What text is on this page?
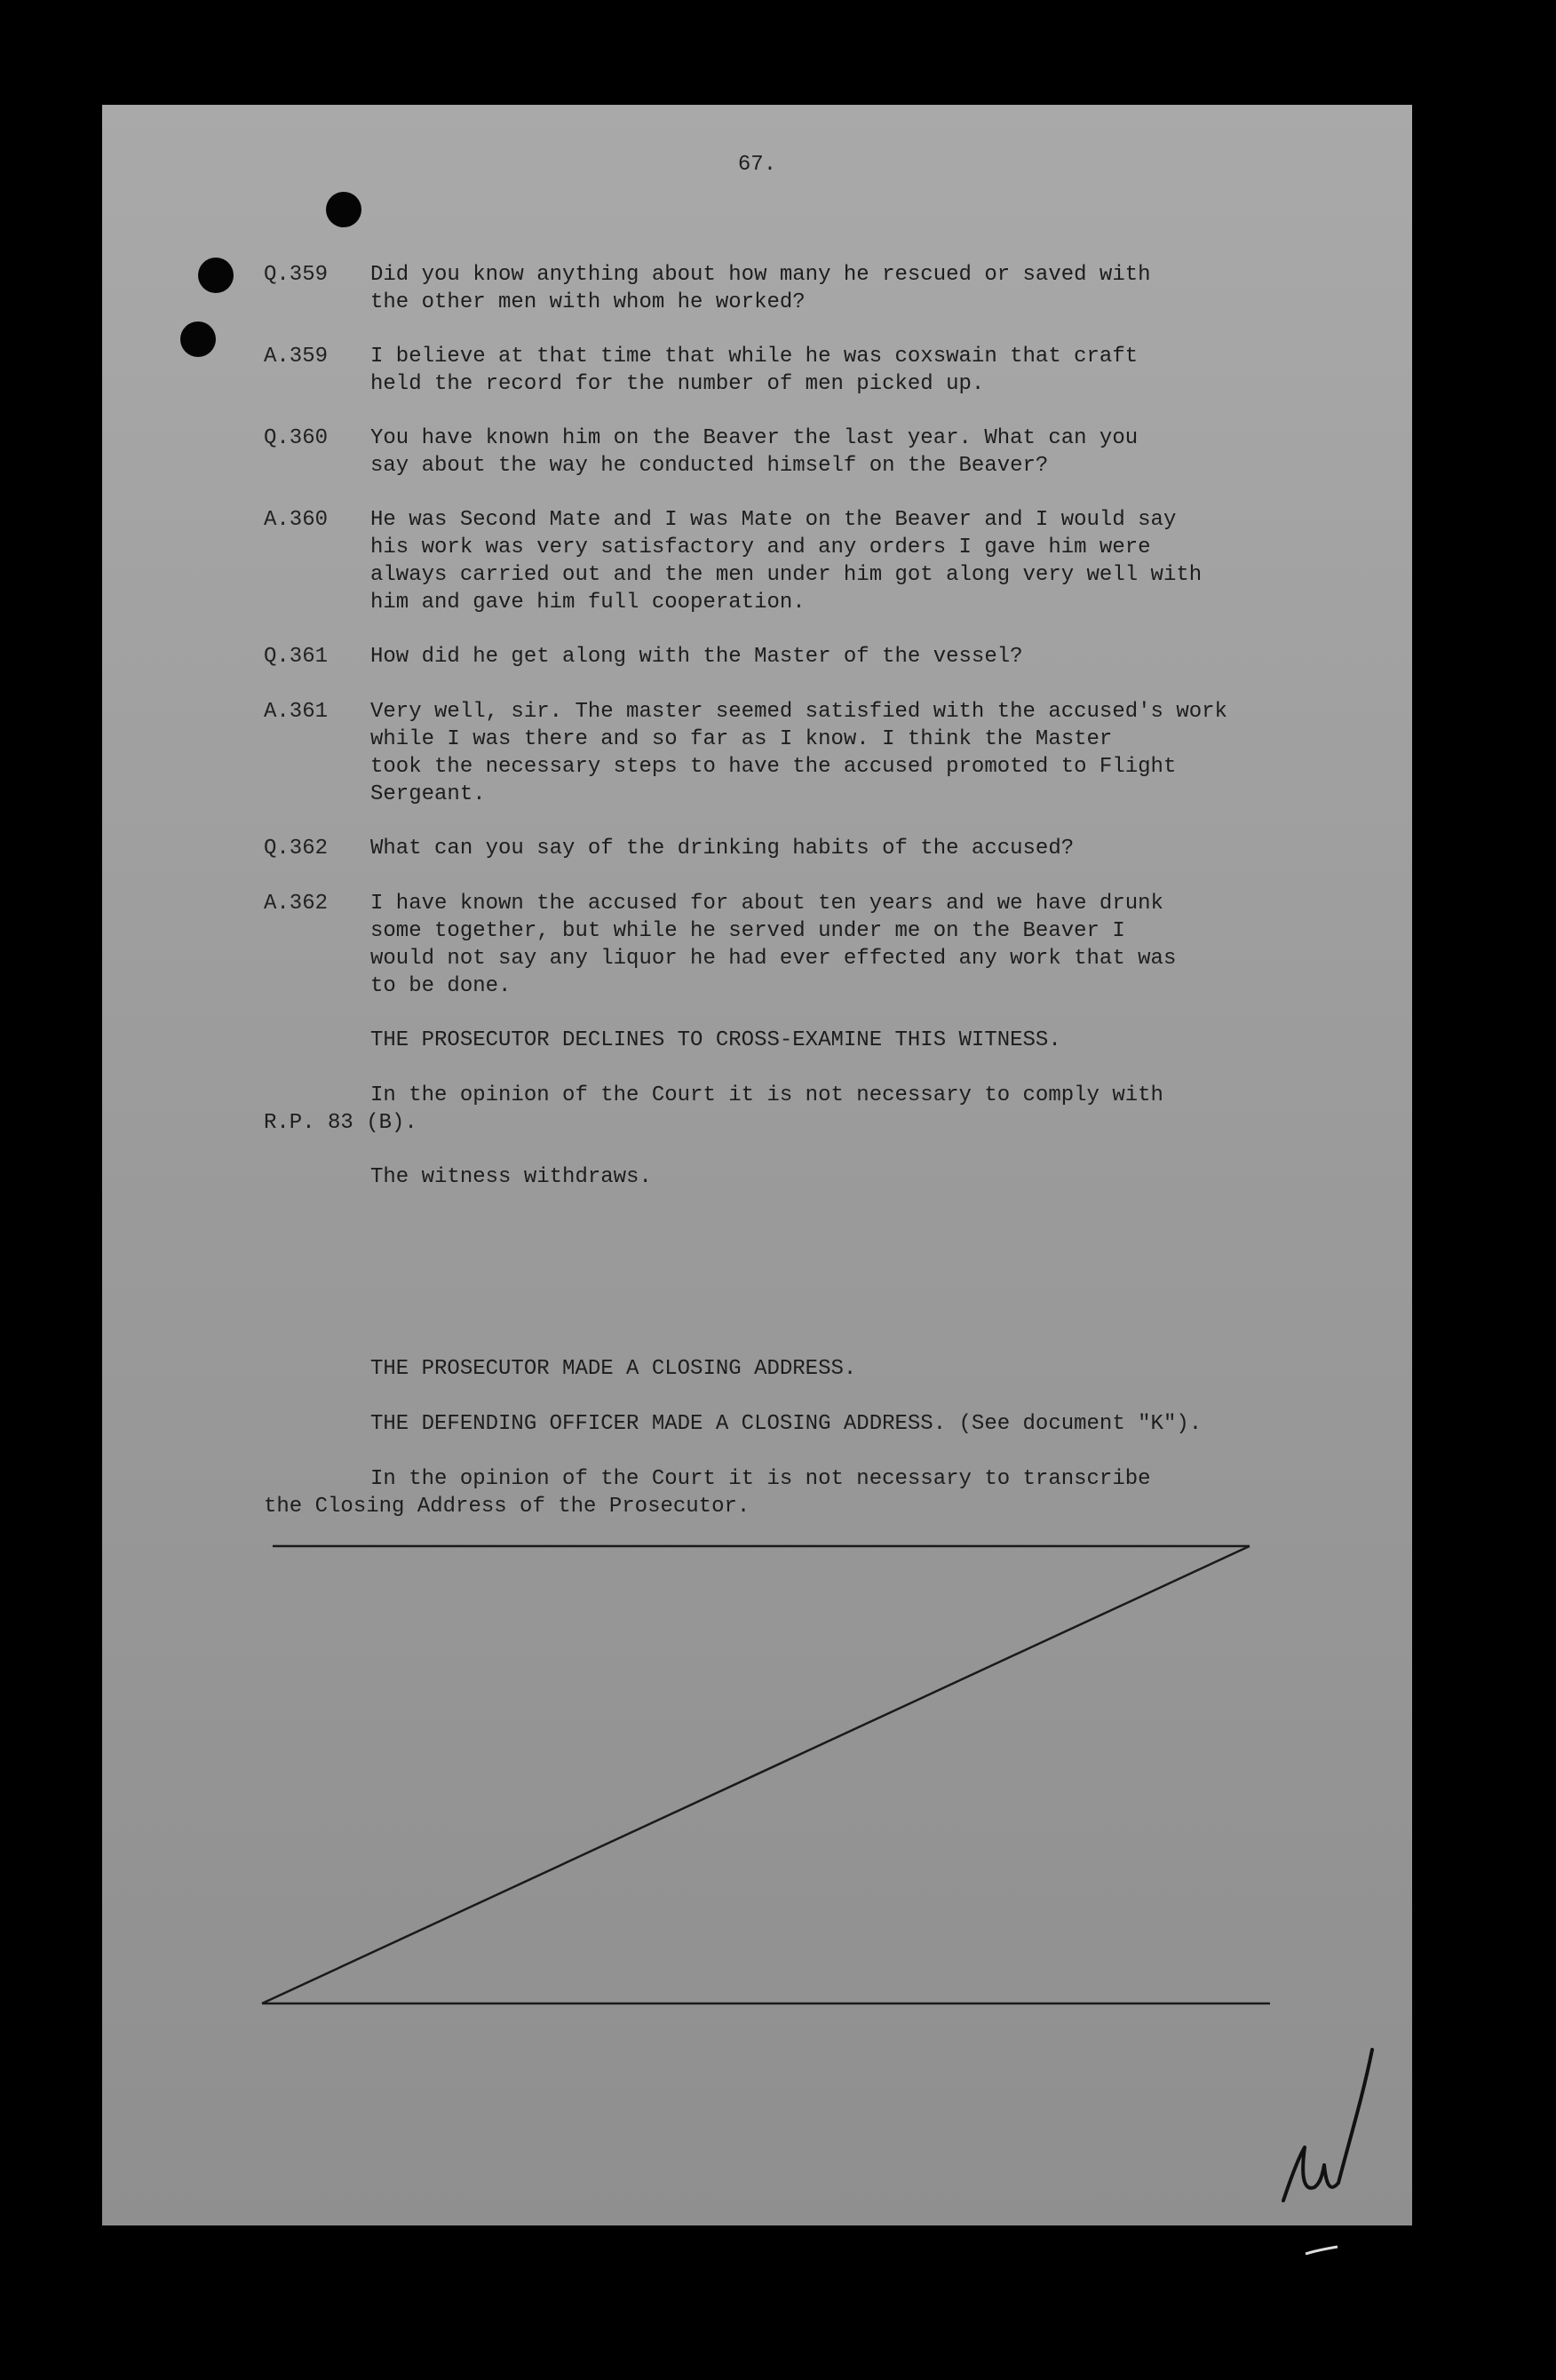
67.
Q.359	Did you know anything about how many he rescued or saved with
the other men with whom he worked?
A.359	I believe at that time that while he was coxswain that craft
held the record for the number of men picked up.
Q.360	You have known him on the Beaver the last year. What can you
say about the way he conducted himself on the Beaver?
A.360	He was Second Mate and I was Mate on the Beaver and I would say
his work was very satisfactory and any orders I gave him were
always carried out and the men under him got along very well with
him and gave him full cooperation.
Q.361	How did he get along with the Master of the vessel?
A.361	Very well, sir. The master seemed satisfied with the accused's work
while I was there and so far as I know. I think the Master
took the necessary steps to have the accused promoted to Flight
Sergeant.
Q.362	What can you say of the drinking habits of the accused?
A.362	I have known the accused for about ten years and we have drunk
some together, but while he served under me on the Beaver I
would not say any liquor he had ever effected any work that was
to be done.
THE PROSECUTOR DECLINES TO CROSS-EXAMINE THIS WITNESS.
In the opinion of the Court it is not necessary to comply with
R.P. 83 (B).
The witness withdraws.
THE PROSECUTOR MADE A CLOSING ADDRESS.
THE DEFENDING OFFICER MADE A CLOSING ADDRESS. (See document "K").
In the opinion of the Court it is not necessary to transcribe
the Closing Address of the Prosecutor.
